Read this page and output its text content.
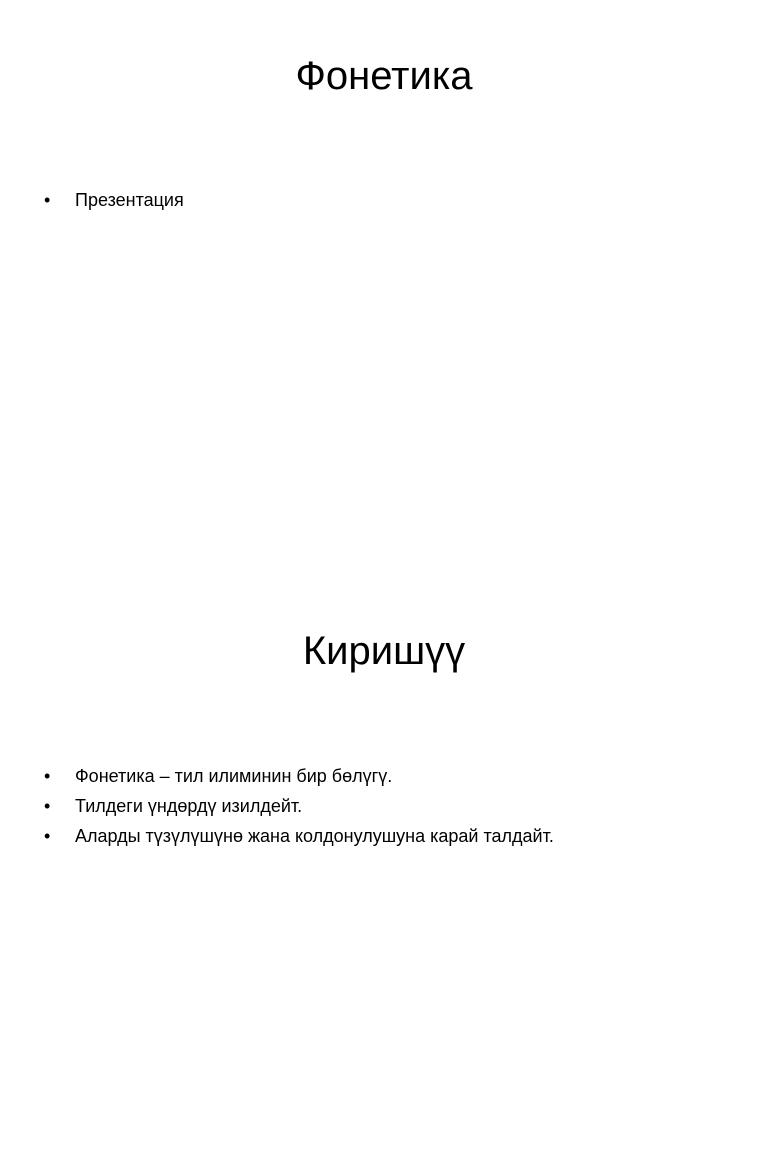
Фонетика
•	Презентация
Киришүү
•	Фонетика – тил илиминин бир бөлүгү.
•	Тилдеги үндөрдү изилдейт.
•	Аларды түзүлүшүнө жана колдонулушуна карай талдайт.
